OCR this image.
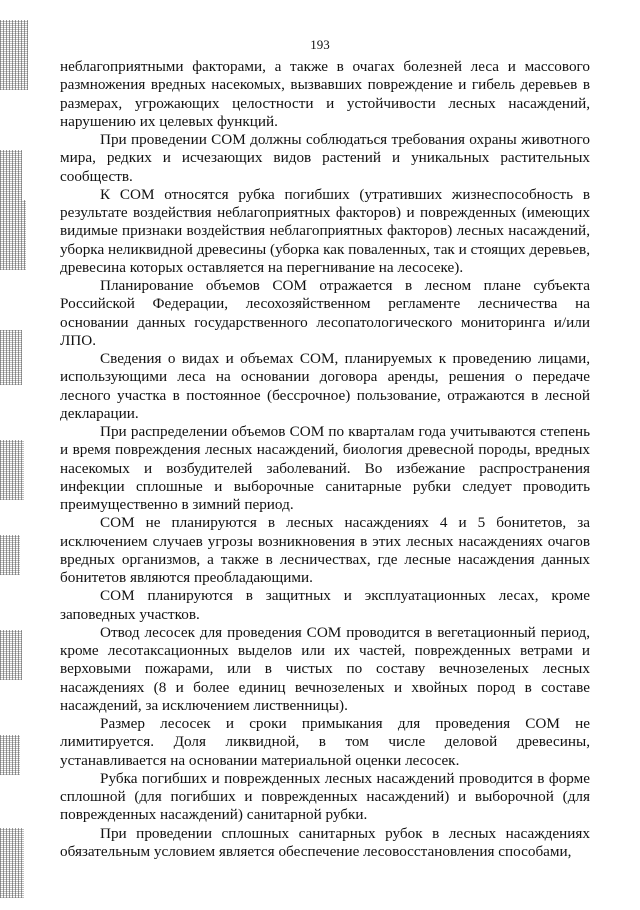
193

неблагоприятными факторами, а также в очагах болезней леса и массового размножения вредных насекомых, вызвавших повреждение и гибель деревьев в размерах, угрожающих целостности и устойчивости лесных насаждений, нарушению их целевых функций.

При проведении СОМ должны соблюдаться требования охраны животного мира, редких и исчезающих видов растений и уникальных растительных сообществ.

К СОМ относятся рубка погибших (утративших жизнеспособность в результате воздействия неблагоприятных факторов) и поврежденных (имеющих видимые признаки воздействия неблагоприятных факторов) лесных насаждений, уборка неликвидной древесины (уборка как поваленных, так и стоящих деревьев, древесина которых оставляется на перегнивание на лесосеке).

Планирование объемов СОМ отражается в лесном плане субъекта Российской Федерации, лесохозяйственном регламенте лесничества на основании данных государственного лесопатологического мониторинга и/или ЛПО.

Сведения о видах и объемах СОМ, планируемых к проведению лицами, использующими леса на основании договора аренды, решения о передаче лесного участка в постоянное (бессрочное) пользование, отражаются в лесной декларации.

При распределении объемов СОМ по кварталам года учитываются степень и время повреждения лесных насаждений, биология древесной породы, вредных насекомых и возбудителей заболеваний. Во избежание распространения инфекции сплошные и выборочные санитарные рубки следует проводить преимущественно в зимний период.

СОМ не планируются в лесных насаждениях 4 и 5 бонитетов, за исключением случаев угрозы возникновения в этих лесных насаждениях очагов вредных организмов, а также в лесничествах, где лесные насаждения данных бонитетов являются преобладающими.

СОМ планируются в защитных и эксплуатационных лесах, кроме заповедных участков.

Отвод лесосек для проведения СОМ проводится в вегетационный период, кроме лесотаксационных выделов или их частей, поврежденных ветрами и верховыми пожарами, или в чистых по составу вечнозеленых лесных насаждениях (8 и более единиц вечнозеленых и хвойных пород в составе насаждений, за исключением лиственницы).

Размер лесосек и сроки примыкания для проведения СОМ не лимитируется. Доля ликвидной, в том числе деловой древесины, устанавливается на основании материальной оценки лесосек.

Рубка погибших и поврежденных лесных насаждений проводится в форме сплошной (для погибших и поврежденных насаждений) и выборочной (для поврежденных насаждений) санитарной рубки.

При проведении сплошных санитарных рубок в лесных насаждениях обязательным условием является обеспечение лесовосстановления способами,
